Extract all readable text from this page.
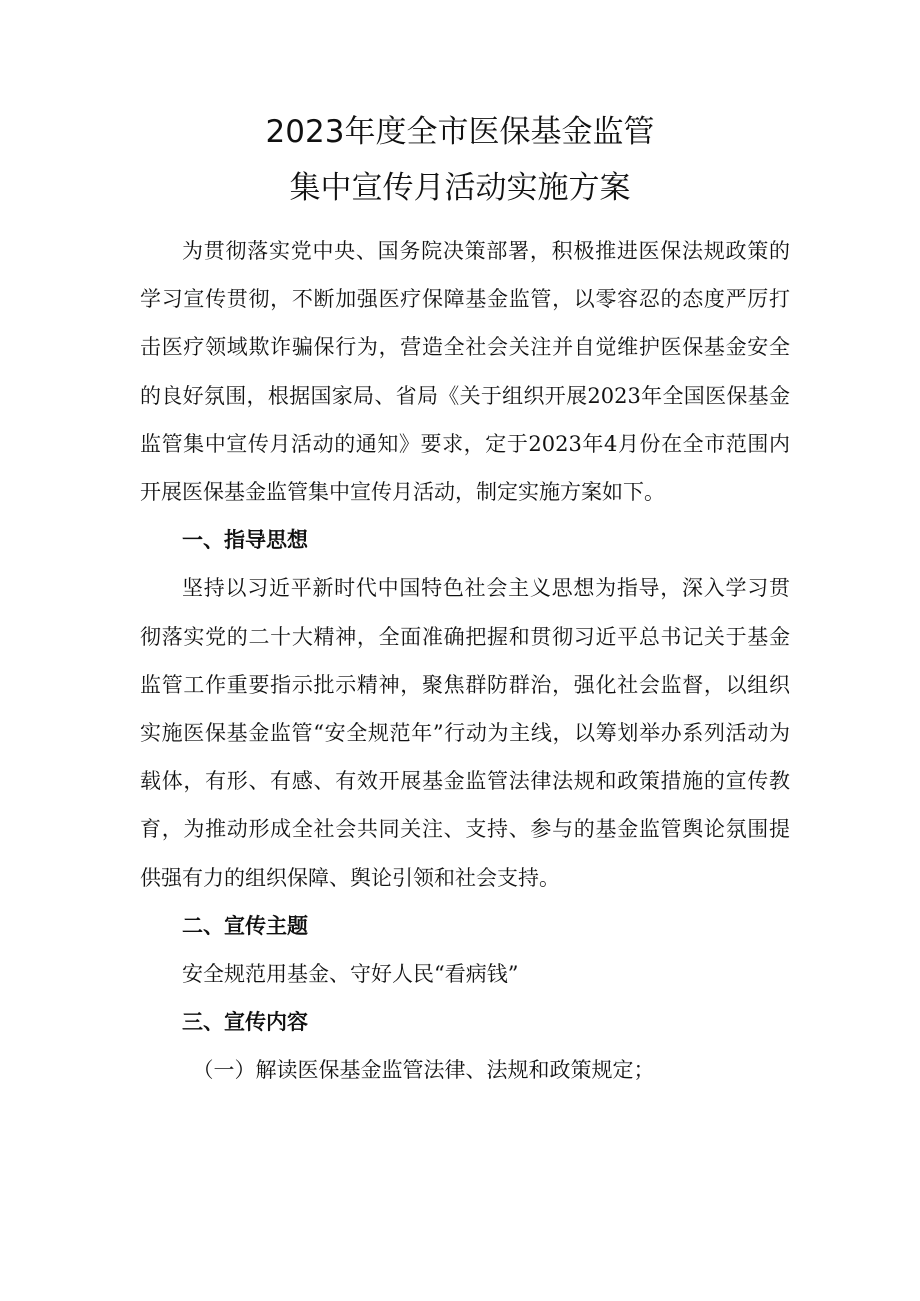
2023年度全市医保基金监管
集中宣传月活动实施方案

为贯彻落实党中央、国务院决策部署，积极推进医保法规政策的学习宣传贯彻，不断加强医疗保障基金监管，以零容忍的态度严厉打击医疗领域欺诈骗保行为，营造全社会关注并自觉维护医保基金安全的良好氛围，根据国家局、省局《关于组织开展2023年全国医保基金监管集中宣传月活动的通知》要求，定于2023年4月份在全市范围内开展医保基金监管集中宣传月活动，制定实施方案如下。

一、指导思想

坚持以习近平新时代中国特色社会主义思想为指导，深入学习贯彻落实党的二十大精神，全面准确把握和贯彻习近平总书记关于基金监管工作重要指示批示精神，聚焦群防群治，强化社会监督，以组织实施医保基金监管“安全规范年”行动为主线，以筹划举办系列活动为载体，有形、有感、有效开展基金监管法律法规和政策措施的宣传教育，为推动形成全社会共同关注、支持、参与的基金监管舆论氛围提供强有力的组织保障、舆论引领和社会支持。

二、宣传主题

安全规范用基金、守好人民“看病钱”

三、宣传内容

（一）解读医保基金监管法律、法规和政策规定；
